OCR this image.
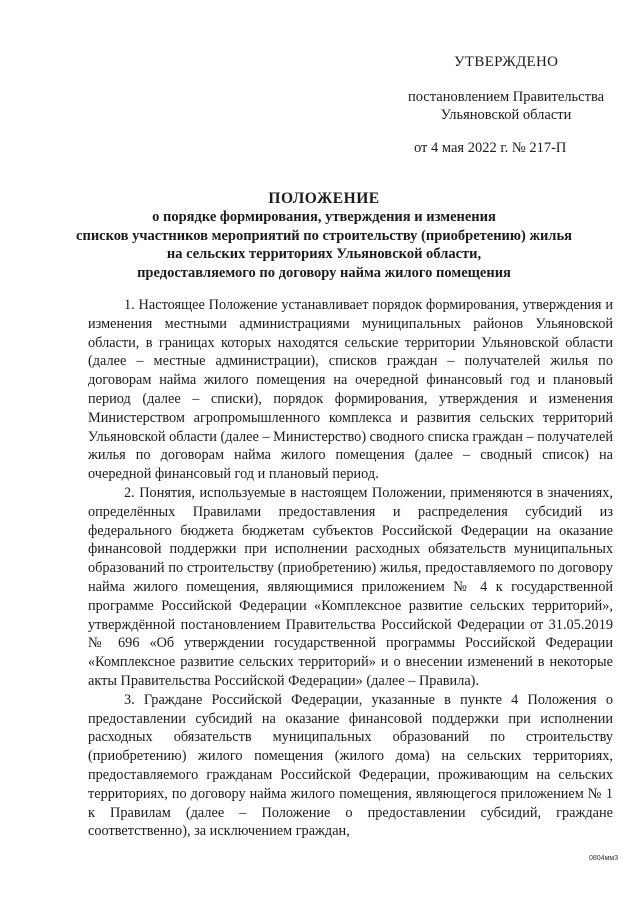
УТВЕРЖДЕНО
постановлением Правительства
Ульяновской области
от 4 мая 2022 г. № 217-П
ПОЛОЖЕНИЕ
о порядке формирования, утверждения и изменения
списков участников мероприятий по строительству (приобретению) жилья
на сельских территориях Ульяновской области,
предоставляемого по договору найма жилого помещения

1. Настоящее Положение устанавливает порядок формирования, утверждения и изменения местными администрациями муниципальных районов Ульяновской области, в границах которых находятся сельские территории Ульяновской области (далее – местные администрации), списков граждан – получателей жилья по договорам найма жилого помещения на очередной финансовый год и плановый период (далее – списки), порядок формирования, утверждения и изменения Министерством агропромышленного комплекса и развития сельских территорий Ульяновской области (далее – Министерство) сводного списка граждан – получателей жилья по договорам найма жилого помещения (далее – сводный список) на очередной финансовый год и плановый период.

2. Понятия, используемые в настоящем Положении, применяются в значениях, определённых Правилами предоставления и распределения субсидий из федерального бюджета бюджетам субъектов Российской Федерации на оказание финансовой поддержки при исполнении расходных обязательств муниципальных образований по строительству (приобретению) жилья, предоставляемого по договору найма жилого помещения, являющимися приложением № 4 к государственной программе Российской Федерации «Комплексное развитие сельских территорий», утверждённой постановлением Правительства Российской Федерации от 31.05.2019 № 696 «Об утверждении государственной программы Российской Федерации «Комплексное развитие сельских территорий» и о внесении изменений в некоторые акты Правительства Российской Федерации» (далее – Правила).

3. Граждане Российской Федерации, указанные в пункте 4 Положения о предоставлении субсидий на оказание финансовой поддержки при исполнении расходных обязательств муниципальных образований по строительству (приобретению) жилого помещения (жилого дома) на сельских территориях, предоставляемого гражданам Российской Федерации, проживающим на сельских территориях, по договору найма жилого помещения, являющегося приложением № 1 к Правилам (далее – Положение о предоставлении субсидий, граждане соответственно), за исключением граждан,

0804мм3
